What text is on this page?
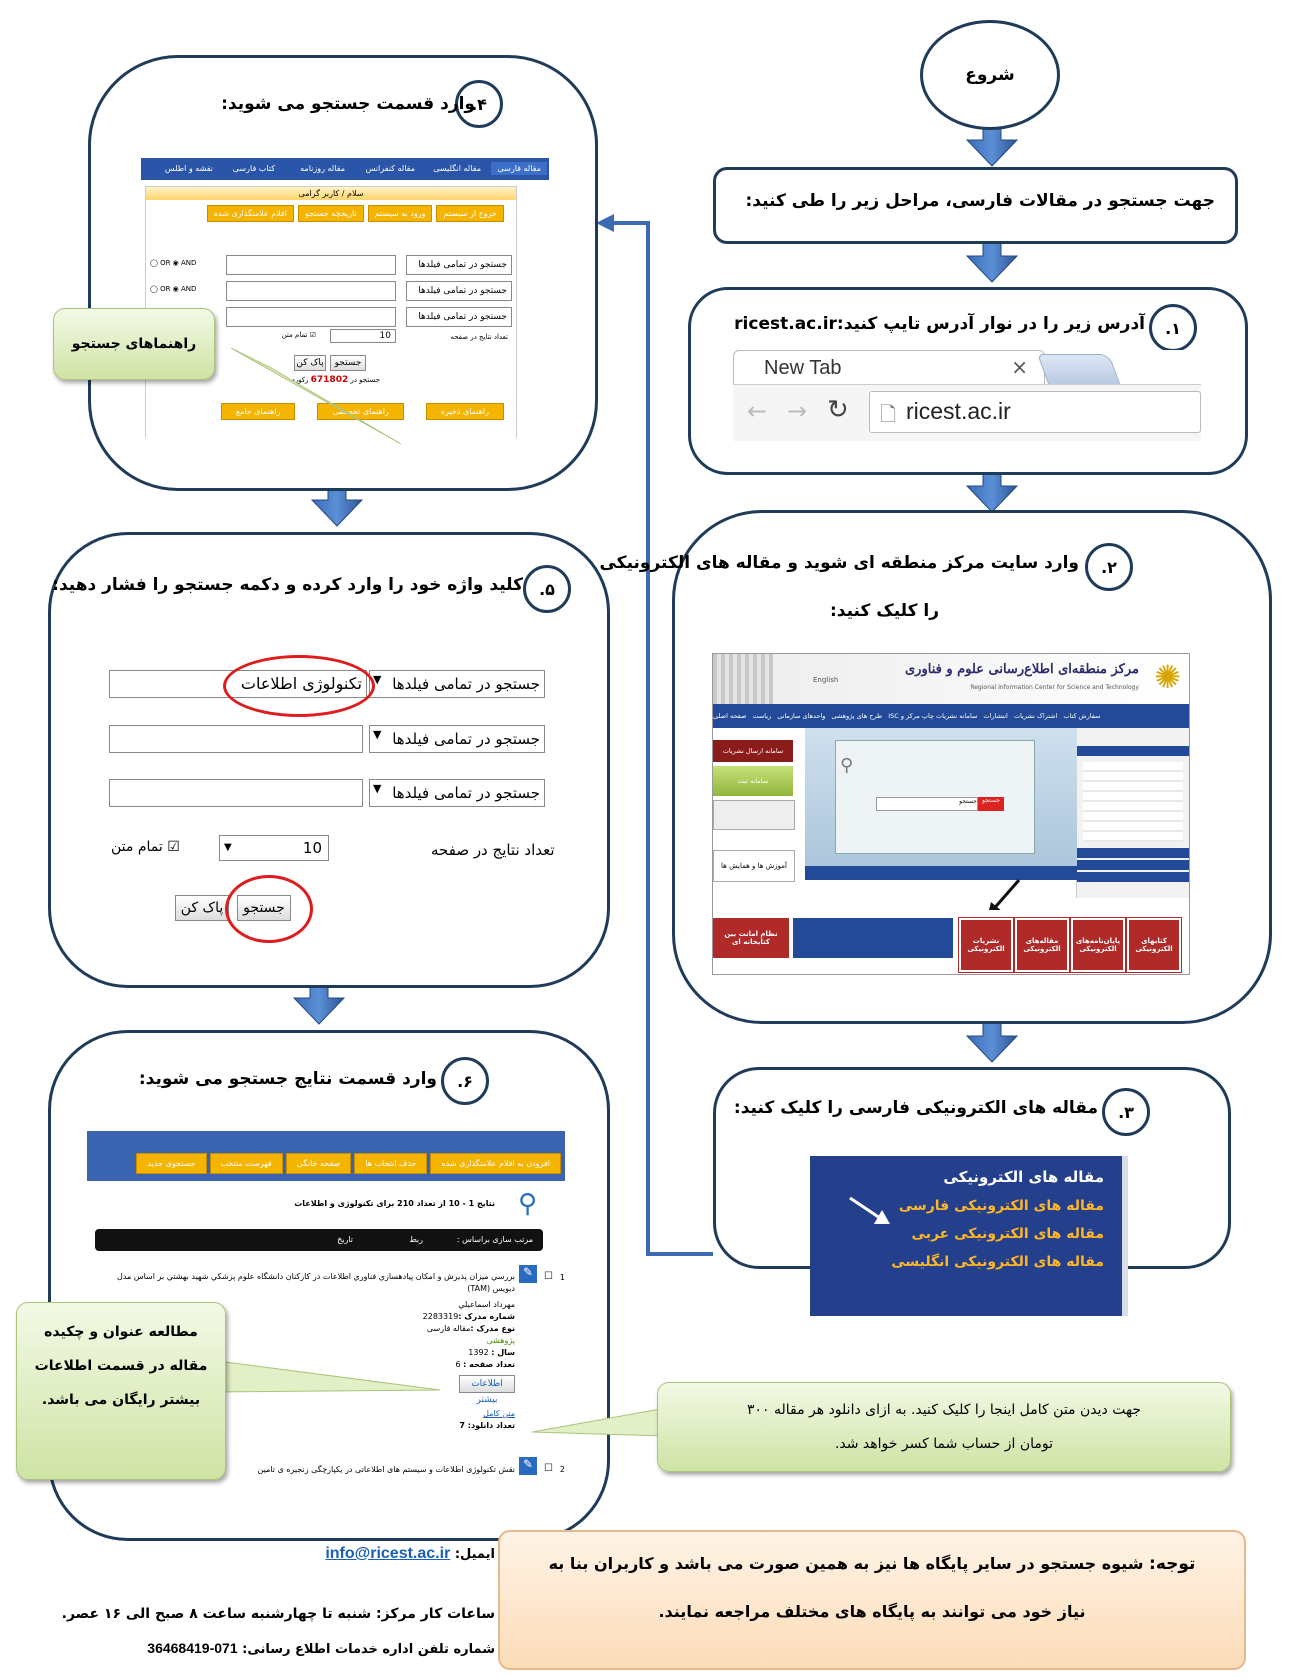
شروع
جهت جستجو در مقالات فارسی، مراحل زیر را طی کنید:
.۱
آدرس زیر را در نوار آدرس تایپ کنید:ricest.ac.ir
New Tab	×
← → ↻ 🗋 ricest.ac.ir
.۲
وارد سایت مرکز منطقه ای شوید و مقاله های الکترونیکی
را کلیک کنید:
✺
مرکز منطقه‌ای اطلاع‌رسانی علوم و فناوری
Regional Information Center for Science and Technology
English
صفحه اصلی ریاست واحدهای سازمانی طرح های پژوهشی سامانه نشریات چاپ مرکز و ISC انتشارات اشتراک نشریات سفارش کتاب
⚲
جستجو جستجو
سامانه ارسال نشریات
سامانه ثبت
آموزش ها و همایش ها
کتابهای الکترونیکی
پایان‌نامه‌های الکترونیکی
مقاله‌های الکترونیکی
نشریات الکترونیکی
نظام امانت بین کتابخانه ای
.۳
مقاله های الکترونیکی فارسی را کلیک کنید:
مقاله های الکترونیکی
مقاله های الکترونیکی فارسی
مقاله های الکترونیکی عربی
مقاله های الکترونیکی انگلیسی
.۴
وارد قسمت جستجو می شوید:
مقاله فارسی
مقاله انگلیسی
مقاله کنفرانس
مقاله روزنامه
کتاب فارسی
نقشه و اطلس
سلام / کاربر گرامی
اقلام علامتگذاری شده	تاریخچه جستجو	ورود به سیستم	خروج از سیستم
جستجو در تمامی فیلدها
◯ OR ◉ AND
جستجو در تمامی فیلدها
◯ OR ◉ AND
جستجو در تمامی فیلدها
تعداد نتایج در صفحه
10
☑ تمام متن
جستجو
پاک کن
جستجو در 671802 رکورد
راهنمای جامع	راهنمای تخصصی	راهنمای ذخیره
راهنماهای جستجو
.۵
کلید واژه خود را وارد کرده و دکمه جستجو را فشار دهید:
جستجو در تمامی فیلدها
▼
تکنولوژی اطلاعات
جستجو در تمامی فیلدها
▼
جستجو در تمامی فیلدها
▼
تعداد نتایج در صفحه
▼	10
☑ تمام متن
جستجو
پاک کن
.۶
وارد قسمت نتایج جستجو می شوید:
جستجوی جدید	فهرست منتخب	صفحه خانگی	حذف انتخاب ها	افزودن به اقلام علامتگذاری شده
⚲
نتایج 1 - 10 از تعداد 210 برای تکنولوژی و اطلاعات
مرتب سازی براساس :
ربط
تاریخ
1
☐
✎
بررسي ميزان پذيرش و امكان پيادهسازي فناوري اطلاعات در كاركنان دانشگاه علوم پزشكي شهيد بهشتي بر اساس مدل ديويس (TAM)
مهرداد اسماعيلي
شماره مدرک :2283319
نوع مدرک :مقاله فارسی
پژوهشی
سال : 1392
تعداد صفحه : 6
اطلاعات بیشتر
متن کامل
تعداد دانلود: 7
2
☐
✎
نقش تکنولوژی اطلاعات و سیستم های اطلاعاتی در یکپارچگی زنجیره ی تامین
مطالعه عنوان و چکیده
مقاله در قسمت اطلاعات
بیشتر رایگان می باشد.
جهت دیدن متن کامل اینجا را کلیک کنید. به ازای دانلود هر مقاله ۳۰۰
تومان از حساب شما کسر خواهد شد.
ایمیل: info@ricest.ac.ir
ساعات کار مرکز: شنبه تا چهارشنبه ساعت ۸ صبح الی ۱۶ عصر.
شماره تلفن اداره خدمات اطلاع رسانی: 071-36468419
توجه: شیوه جستجو در سایر پایگاه ها نیز به همین صورت می باشد و کاربران بنا به
نیاز خود می توانند به پایگاه های مختلف مراجعه نمایند.
